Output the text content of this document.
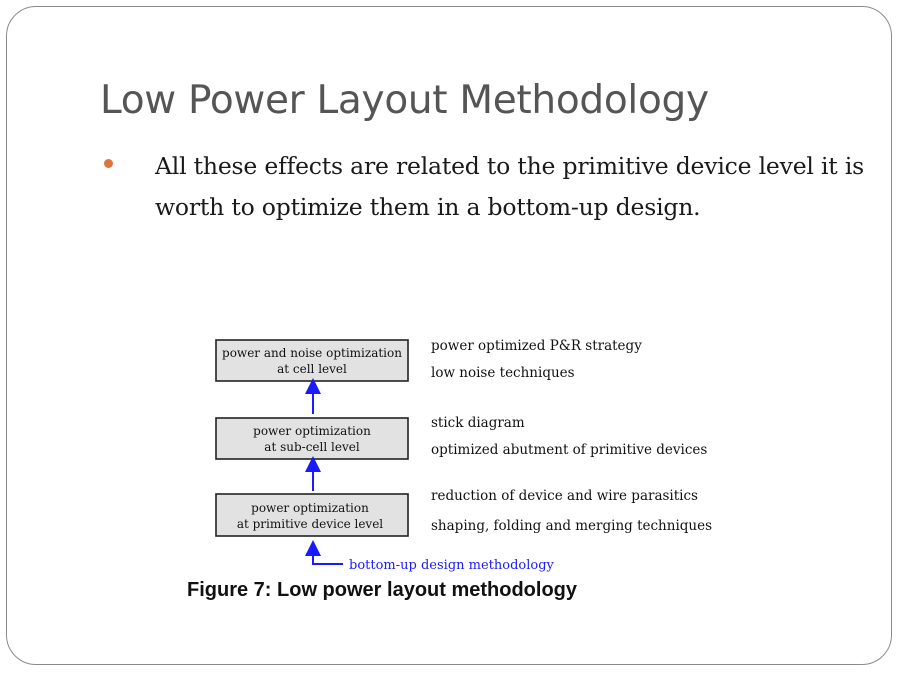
Low Power Layout Methodology
All these effects are related to the primitive device level it is worth to optimize them in a bottom-up design.
power and noise optimization
at cell level
power optimization
at sub-cell level
power optimization
at primitive device level
bottom-up design methodology
power optimized P&R strategy
low noise techniques
stick diagram
optimized abutment of primitive devices
reduction of device and wire parasitics
shaping, folding and merging techniques
Figure 7: Low power layout methodology
